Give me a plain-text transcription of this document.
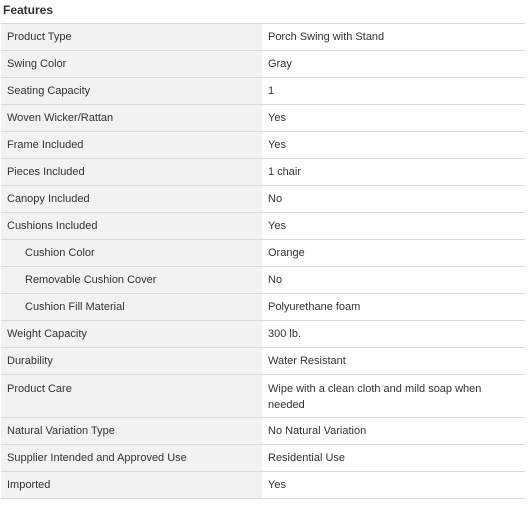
Features
Product Type	Porch Swing with Stand
Swing Color	Gray
Seating Capacity	1
Woven Wicker/Rattan	Yes
Frame Included	Yes
Pieces Included	1 chair
Canopy Included	No
Cushions Included	Yes
Cushion Color	Orange
Removable Cushion Cover	No
Cushion Fill Material	Polyurethane foam
Weight Capacity	300 lb.
Durability	Water Resistant
Product Care	Wipe with a clean cloth and mild soap when needed
Natural Variation Type	No Natural Variation
Supplier Intended and Approved Use	Residential Use
Imported	Yes
